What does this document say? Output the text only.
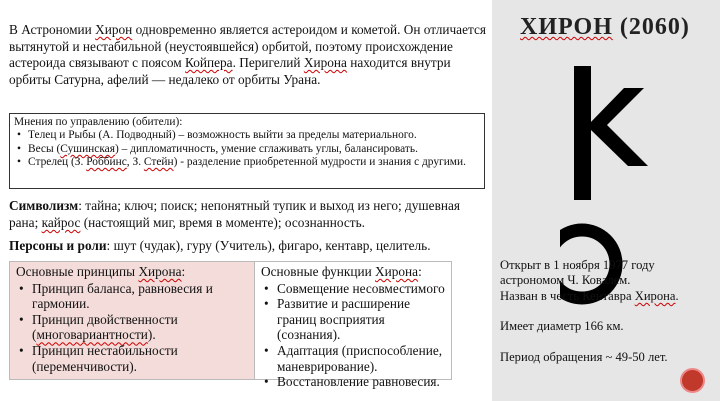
ХИРОН (2060)
В Астрономии Хирон одновременно является астероидом и кометой. Он отличается вытянутой и нестабильной (неустоявшейся) орбитой, поэтому происхождение астероида связывают с поясом Койпера. Перигелий Хирона находится внутри орбиты Сатурна, афелий — недалеко от орбиты Урана.
Мнения по управлению (обители):
• Телец и Рыбы (А. Подводный) – возможность выйти за пределы материального.
• Весы (Сушинская) – дипломатичность, умение сглаживать углы, балансировать.
• Стрелец (З. Роббинс, З. Стейн) - разделение приобретенной мудрости и знания с другими.
Символизм: тайна; ключ; поиск; непонятный тупик и выход из него; душевная рана; кайрос (настоящий миг, время в моменте); осознанность.
Персоны и роли: шут (чудак), гуру (Учитель), фигаро, кентавр, целитель.
Основные принципы Хирона:
• Принцип баланса, равновесия и гармонии.
• Принцип двойственности (многовариантности).
• Принцип нестабильности (переменчивости).
Основные функции Хирона:
• Совмещение несовместимого
• Развитие и расширение границ восприятия (сознания).
• Адаптация (приспособление, маневрирование).
• Восстановление равновесия.

Открыт в 1 ноября 1977 году астрономом Ч. Ковалем.

Назван в честь Кентавра Хирона.

Имеет диаметр 166 км.

Период обращения ~ 49-50 лет.
